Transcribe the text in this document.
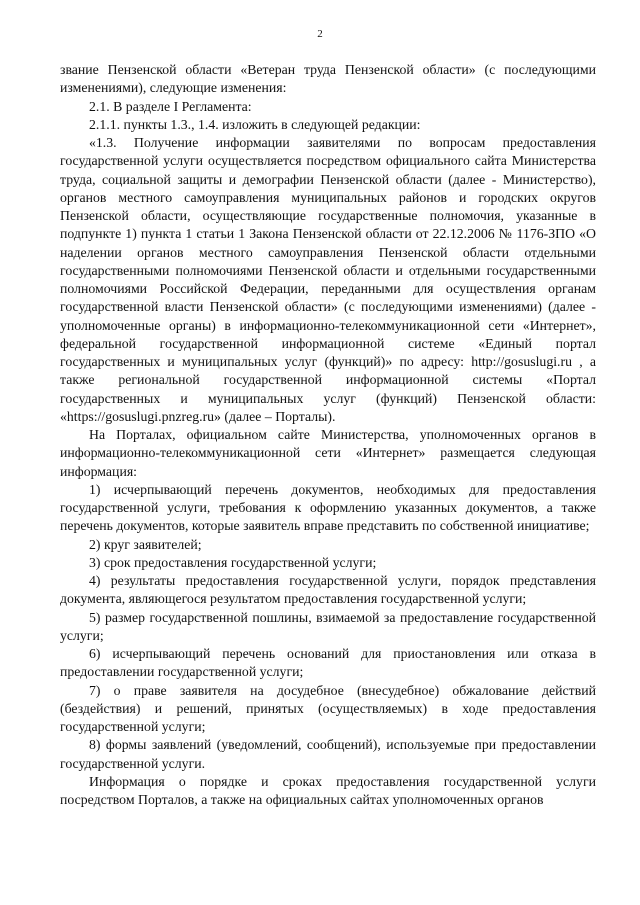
2

звание Пензенской области «Ветеран труда Пензенской области» (с последующими изменениями), следующие изменения:

2.1. В разделе I Регламента:

2.1.1. пункты 1.3., 1.4. изложить в следующей редакции:

«1.3. Получение информации заявителями по вопросам предоставления государственной услуги осуществляется посредством официального сайта Министерства труда, социальной защиты и демографии Пензенской области (далее - Министерство), органов местного самоуправления муниципальных районов и городских округов Пензенской области, осуществляющие государственные полномочия, указанные в подпункте 1) пункта 1 статьи 1 Закона Пензенской области от 22.12.2006 № 1176-ЗПО «О наделении органов местного самоуправления Пензенской области отдельными государственными полномочиями Пензенской области и отдельными государственными полномочиями Российской Федерации, переданными для осуществления органам государственной власти Пензенской области» (с последующими изменениями) (далее - уполномоченные органы) в информационно-телекоммуникационной сети «Интернет», федеральной государственной информационной системе «Единый портал государственных и муниципальных услуг (функций)» по адресу: http://gosuslugi.ru , а также региональной государственной информационной системы «Портал государственных и муниципальных услуг (функций) Пензенской области: «https://gosuslugi.pnzreg.ru» (далее – Порталы).

На Порталах, официальном сайте Министерства, уполномоченных органов в информационно-телекоммуникационной сети «Интернет» размещается следующая информация:

1) исчерпывающий перечень документов, необходимых для предоставления государственной услуги, требования к оформлению указанных документов, а также перечень документов, которые заявитель вправе представить по собственной инициативе;

2) круг заявителей;

3) срок предоставления государственной услуги;

4) результаты предоставления государственной услуги, порядок представления документа, являющегося результатом предоставления государственной услуги;

5) размер государственной пошлины, взимаемой за предоставление государственной услуги;

6) исчерпывающий перечень оснований для приостановления или отказа в предоставлении государственной услуги;

7) о праве заявителя на досудебное (внесудебное) обжалование действий (бездействия) и решений, принятых (осуществляемых) в ходе предоставления государственной услуги;

8) формы заявлений (уведомлений, сообщений), используемые при предоставлении государственной услуги.

Информация о порядке и сроках предоставления государственной услуги посредством Порталов, а также на официальных сайтах уполномоченных органов
